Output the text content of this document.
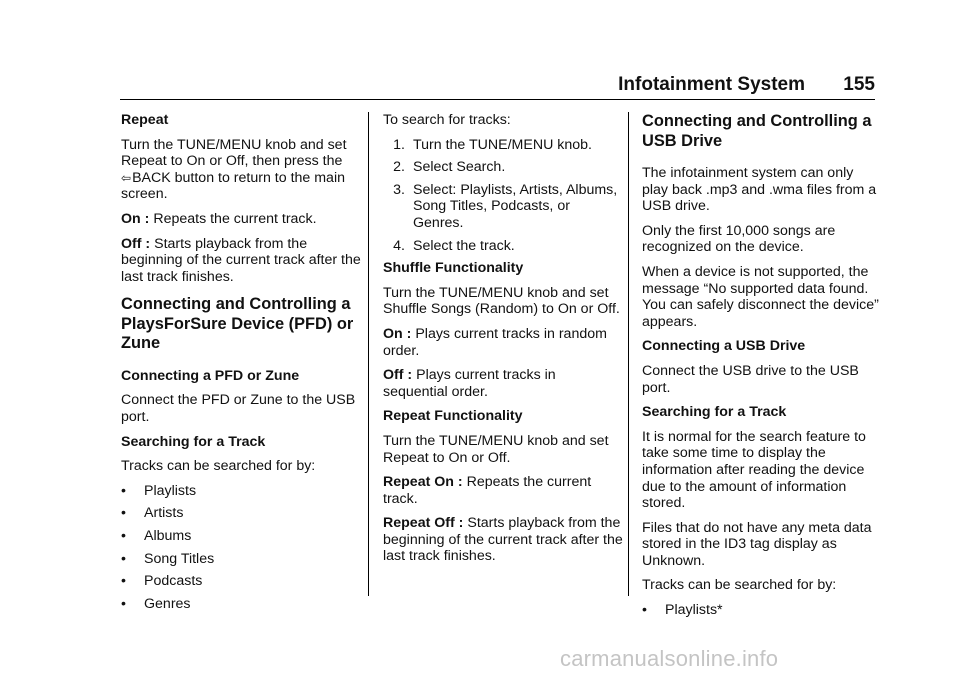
Infotainment System 155

Repeat

Turn the TUNE/MENU knob and set Repeat to On or Off, then press the
⇦BACK button to return to the main screen.

On : Repeats the current track.

Off : Starts playback from the beginning of the current track after the last track finishes.

Connecting and Controlling a PlaysForSure Device (PFD) or Zune

Connecting a PFD or Zune

Connect the PFD or Zune to the USB port.

Searching for a Track

Tracks can be searched for by:

•	Playlists
•	Artists
•	Albums
•	Song Titles
•	Podcasts
•	Genres

To search for tracks:

1. Turn the TUNE/MENU knob.
2. Select Search.
3. Select: Playlists, Artists, Albums, Song Titles, Podcasts, or Genres.
4. Select the track.

Shuffle Functionality

Turn the TUNE/MENU knob and set Shuffle Songs (Random) to On or Off.

On : Plays current tracks in random order.

Off : Plays current tracks in sequential order.

Repeat Functionality

Turn the TUNE/MENU knob and set Repeat to On or Off.

Repeat On : Repeats the current track.

Repeat Off : Starts playback from the beginning of the current track after the last track finishes.

Connecting and Controlling a USB Drive

The infotainment system can only play back .mp3 and .wma files from a USB drive.

Only the first 10,000 songs are recognized on the device.

When a device is not supported, the message “No supported data found. You can safely disconnect the device” appears.

Connecting a USB Drive

Connect the USB drive to the USB port.

Searching for a Track

It is normal for the search feature to take some time to display the information after reading the device due to the amount of information stored.

Files that do not have any meta data stored in the ID3 tag display as Unknown.

Tracks can be searched for by:

•	Playlists*
carmanualsonline.info
